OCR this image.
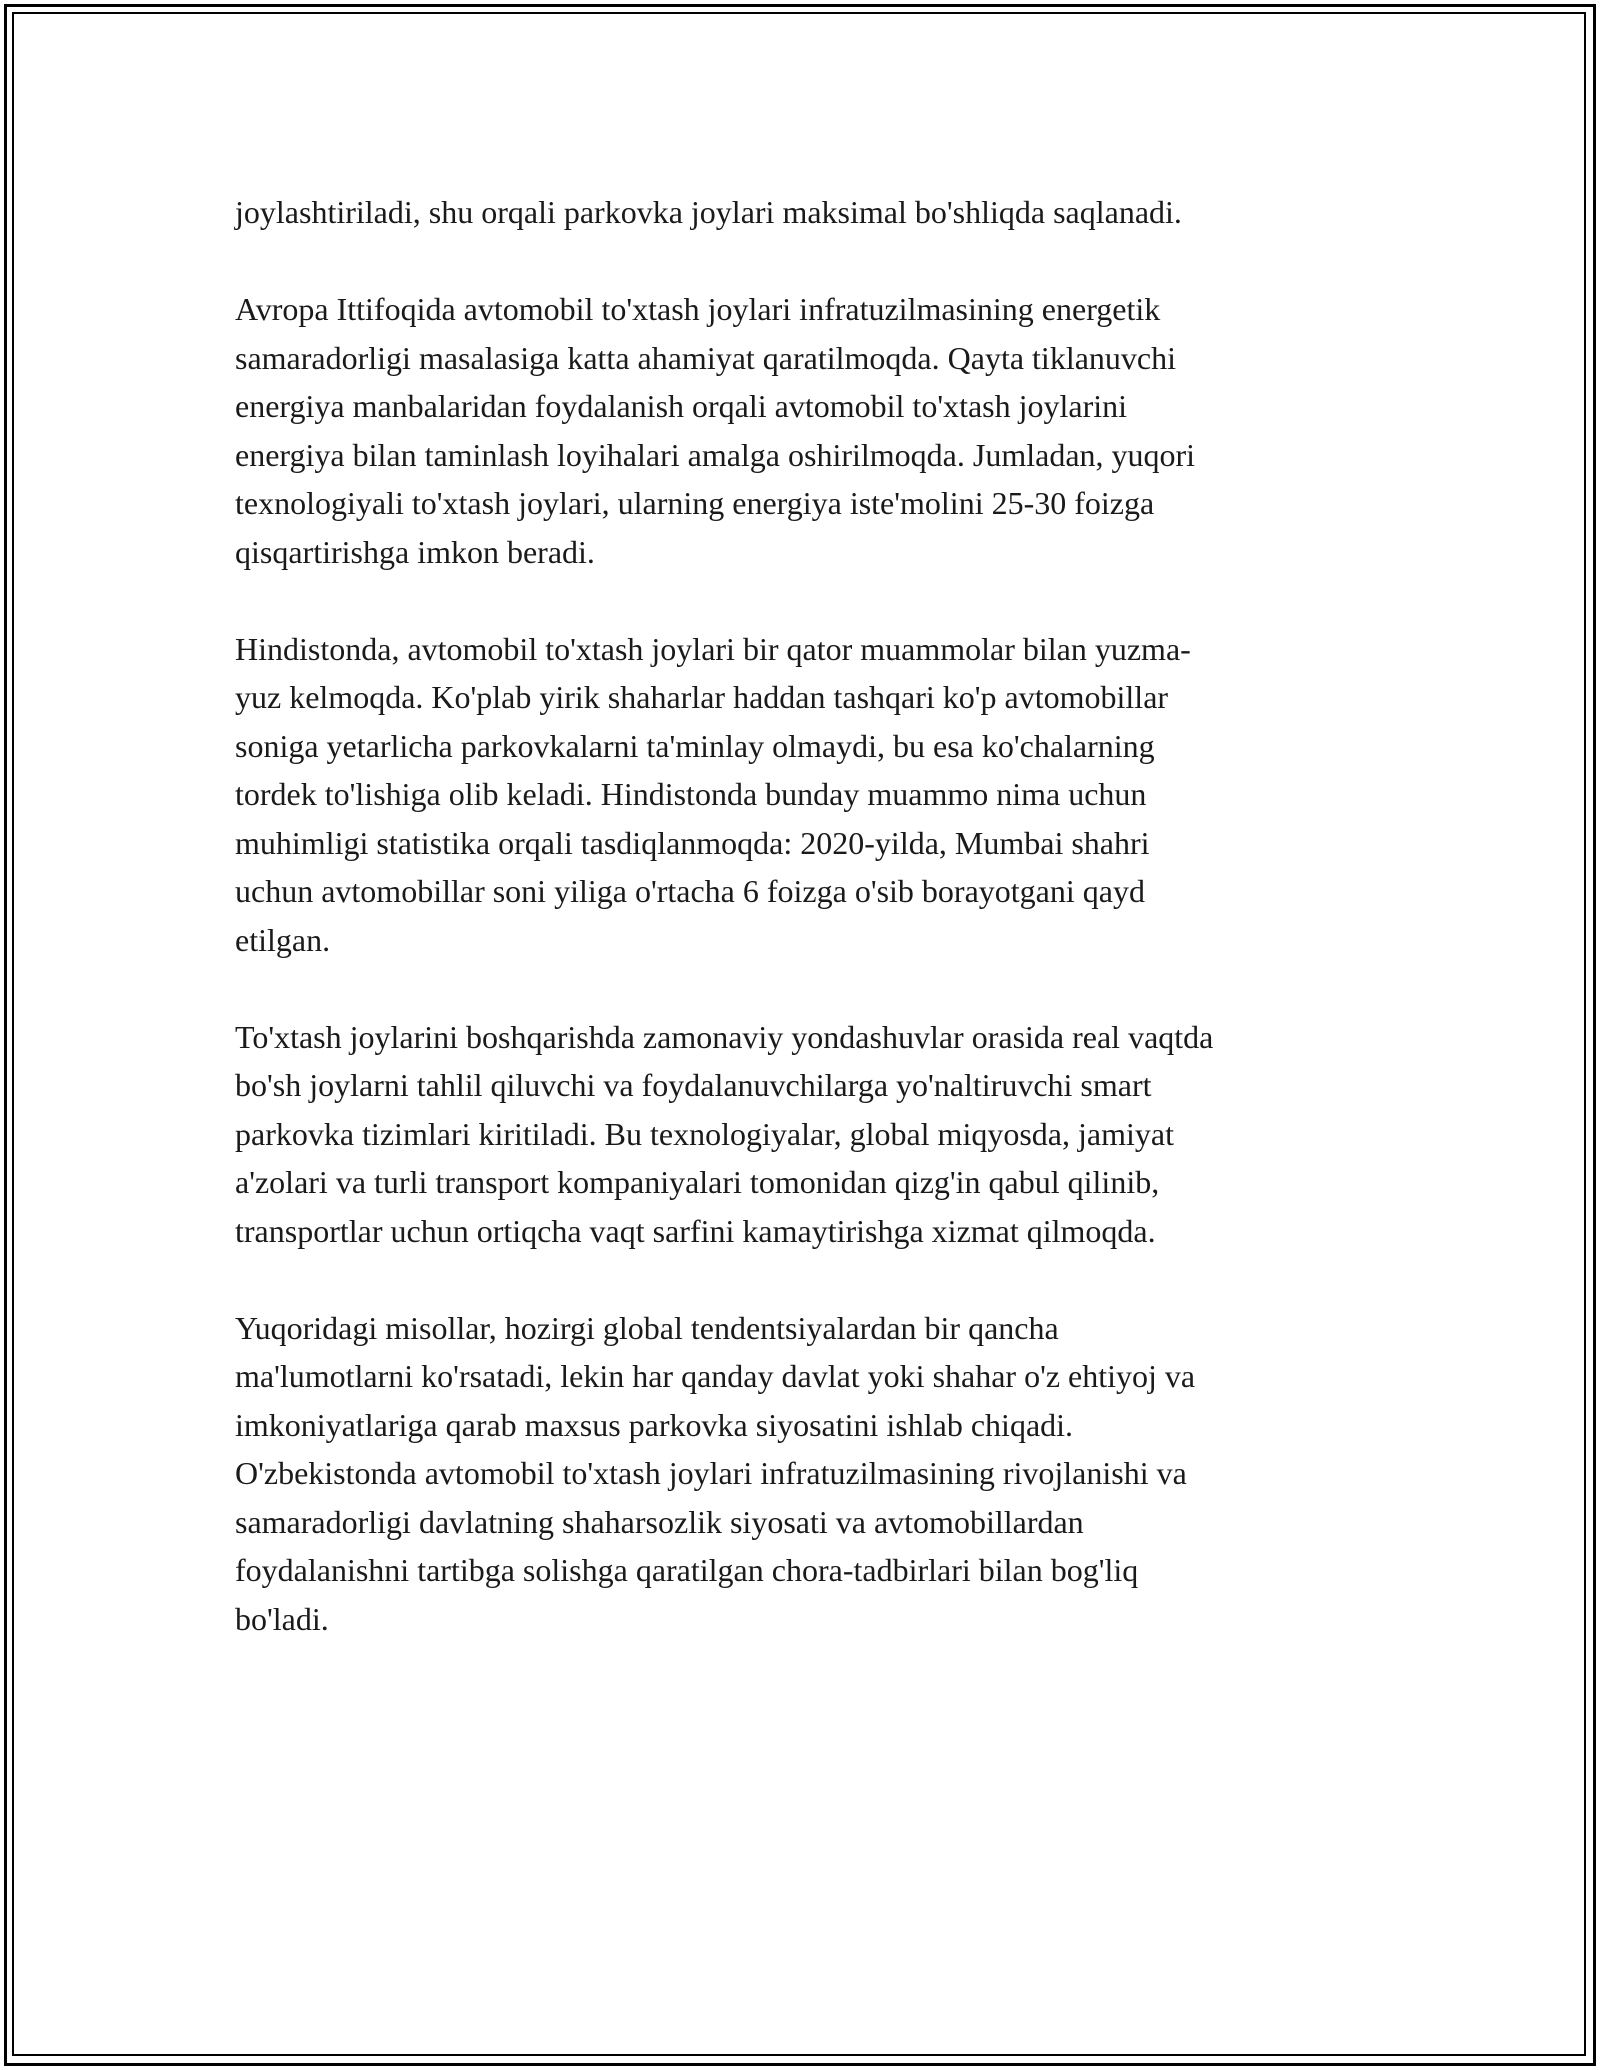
joylashtiriladi, shu orqali parkovka joylari maksimal bo'shliqda saqlanadi.

Avropa Ittifoqida avtomobil to'xtash joylari infratuzilmasining energetik
samaradorligi masalasiga katta ahamiyat qaratilmoqda. Qayta tiklanuvchi
energiya manbalaridan foydalanish orqali avtomobil to'xtash joylarini
energiya bilan taminlash loyihalari amalga oshirilmoqda. Jumladan, yuqori
texnologiyali to'xtash joylari, ularning energiya iste'molini 25-30 foizga
qisqartirishga imkon beradi.

Hindistonda, avtomobil to'xtash joylari bir qator muammolar bilan yuzma-
yuz kelmoqda. Ko'plab yirik shaharlar haddan tashqari ko'p avtomobillar
soniga yetarlicha parkovkalarni ta'minlay olmaydi, bu esa ko'chalarning
tordek to'lishiga olib keladi. Hindistonda bunday muammo nima uchun
muhimligi statistika orqali tasdiqlanmoqda: 2020-yilda, Mumbai shahri
uchun avtomobillar soni yiliga o'rtacha 6 foizga o'sib borayotgani qayd
etilgan.

To'xtash joylarini boshqarishda zamonaviy yondashuvlar orasida real vaqtda
bo'sh joylarni tahlil qiluvchi va foydalanuvchilarga yo'naltiruvchi smart
parkovka tizimlari kiritiladi. Bu texnologiyalar, global miqyosda, jamiyat
a'zolari va turli transport kompaniyalari tomonidan qizg'in qabul qilinib,
transportlar uchun ortiqcha vaqt sarfini kamaytirishga xizmat qilmoqda.

Yuqoridagi misollar, hozirgi global tendentsiyalardan bir qancha
ma'lumotlarni ko'rsatadi, lekin har qanday davlat yoki shahar o'z ehtiyoj va
imkoniyatlariga qarab maxsus parkovka siyosatini ishlab chiqadi.
O'zbekistonda avtomobil to'xtash joylari infratuzilmasining rivojlanishi va
samaradorligi davlatning shaharsozlik siyosati va avtomobillardan
foydalanishni tartibga solishga qaratilgan chora-tadbirlari bilan bog'liq
bo'ladi.
